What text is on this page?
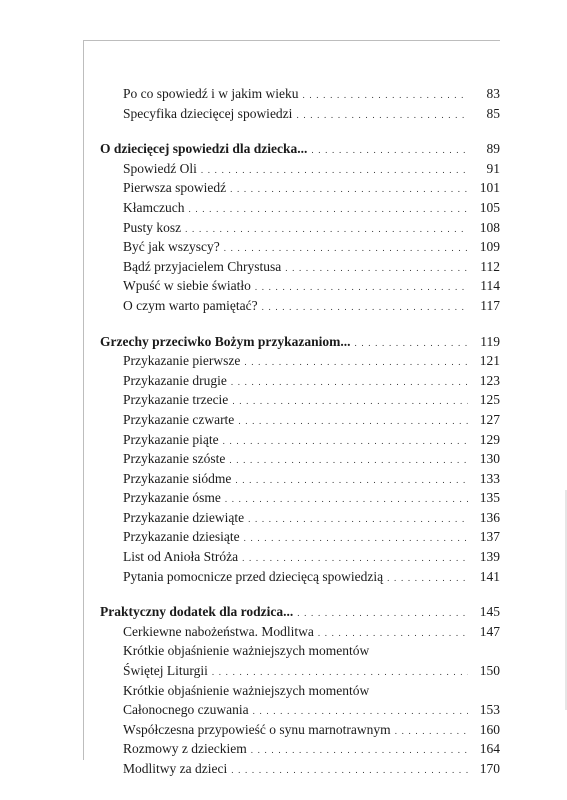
Po co spowiedź i w jakim wieku . . .	83
Specyfika dziecięcej spowiedzi . . .	85
O dziecięcej spowiedzi dla dziecka... . . .	89
Spowiedź Oli . . .	91
Pierwsza spowiedź . . .	101
Kłamczuch . . .	105
Pusty kosz . . .	108
Być jak wszyscy? . . .	109
Bądź przyjacielem Chrystusa . . .	112
Wpuść w siebie światło . . .	114
O czym warto pamiętać? . . .	117
Grzechy przeciwko Bożym przykazaniom... . . .	119
Przykazanie pierwsze . . .	121
Przykazanie drugie . . .	123
Przykazanie trzecie . . .	125
Przykazanie czwarte . . .	127
Przykazanie piąte . . .	129
Przykazanie szóste . . .	130
Przykazanie siódme . . .	133
Przykazanie ósme . . .	135
Przykazanie dziewiąte . . .	136
Przykazanie dziesiąte . . .	137
List od Anioła Stróża . . .	139
Pytania pomocnicze przed dziecięcą spowiedzią . . .	141
Praktyczny dodatek dla rodzica... . . .	145
Cerkiewne nabożeństwa. Modlitwa . . .	147
Krótkie objaśnienie ważniejszych momentów
Świętej Liturgii . . .	150
Krótkie objaśnienie ważniejszych momentów
Całonocnego czuwania . . .	153
Współczesna przypowieść o synu marnotrawnym . . .	160
Rozmowy z dzieckiem . . .	164
Modlitwy za dzieci . . .	170
